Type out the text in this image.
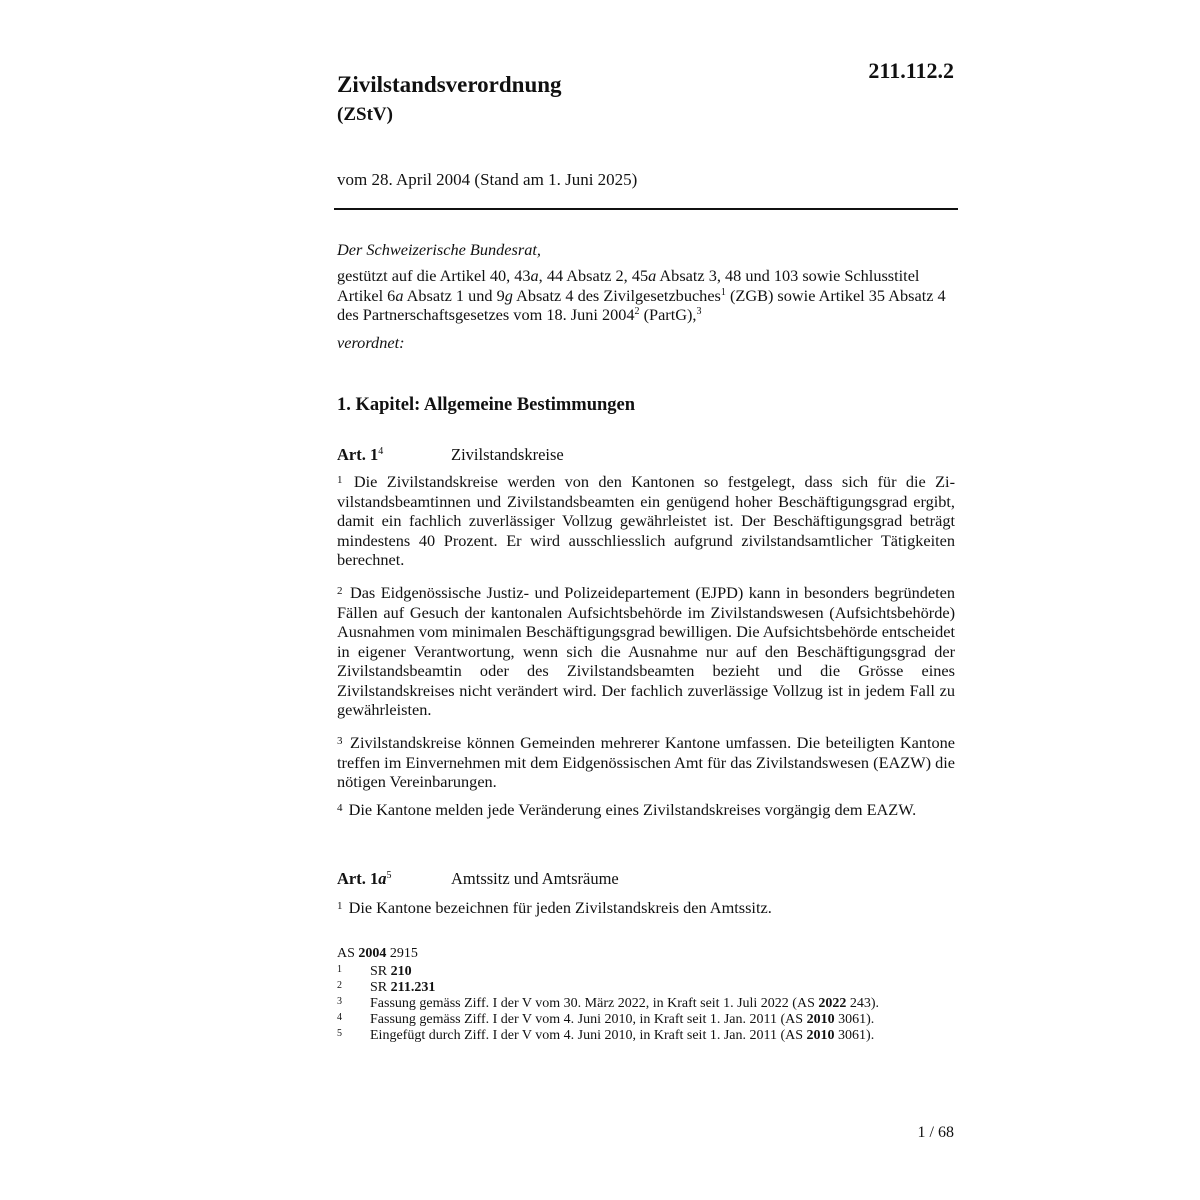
211.112.2
Zivilstandsverordnung
(ZStV)
vom 28. April 2004 (Stand am 1. Juni 2025)
Der Schweizerische Bundesrat,
gestützt auf die Artikel 40, 43a, 44 Absatz 2, 45a Absatz 3, 48 und 103 sowie Schlusstitel Artikel 6a Absatz 1 und 9g Absatz 4 des Zivilgesetzbuches$^1$ (ZGB) sowie Artikel 35 Absatz 4 des Partnerschaftsgesetzes vom 18. Juni 2004$^2$ (PartG),$^3$
verordnet:
1. Kapitel: Allgemeine Bestimmungen
Art. 1$^4$	Zivilstandskreise
$^1$ Die Zivilstandskreise werden von den Kantonen so festgelegt, dass sich für die Zivilstandsbeamtinnen und Zivilstandsbeamten ein genügend hoher Beschäftigungsgrad ergibt, damit ein fachlich zuverlässiger Vollzug gewährleistet ist. Der Beschäftigungsgrad beträgt mindestens 40 Prozent. Er wird ausschliesslich aufgrund zivilstandsamtlicher Tätigkeiten berechnet.
$^2$ Das Eidgenössische Justiz- und Polizeidepartement (EJPD) kann in besonders begründeten Fällen auf Gesuch der kantonalen Aufsichtsbehörde im Zivilstandswesen (Aufsichtsbehörde) Ausnahmen vom minimalen Beschäftigungsgrad bewilligen. Die Aufsichtsbehörde entscheidet in eigener Verantwortung, wenn sich die Ausnahme nur auf den Beschäftigungsgrad der Zivilstandsbeamtin oder des Zivilstandsbeamten bezieht und die Grösse eines Zivilstandskreises nicht verändert wird. Der fachlich zuverlässige Vollzug ist in jedem Fall zu gewährleisten.
$^3$ Zivilstandskreise können Gemeinden mehrerer Kantone umfassen. Die beteiligten Kantone treffen im Einvernehmen mit dem Eidgenössischen Amt für das Zivilstandswesen (EAZW) die nötigen Vereinbarungen.
$^4$ Die Kantone melden jede Veränderung eines Zivilstandskreises vorgängig dem EAZW.
Art. 1a$^5$	Amtssitz und Amtsräume
$^1$ Die Kantone bezeichnen für jeden Zivilstandskreis den Amtssitz.
AS 2004 2915
1	SR 210
2	SR 211.231
3	Fassung gemäss Ziff. I der V vom 30. März 2022, in Kraft seit 1. Juli 2022 (AS 2022 243).
4	Fassung gemäss Ziff. I der V vom 4. Juni 2010, in Kraft seit 1. Jan. 2011 (AS 2010 3061).
5	Eingefügt durch Ziff. I der V vom 4. Juni 2010, in Kraft seit 1. Jan. 2011 (AS 2010 3061).
1 / 68
